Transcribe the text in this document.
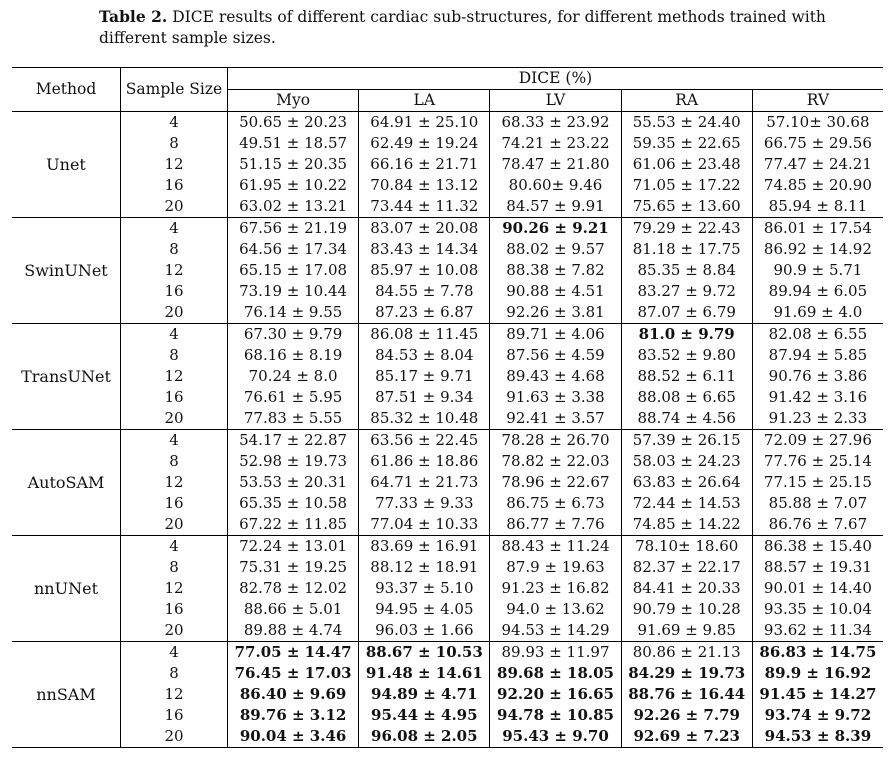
Table 2. DICE results of different cardiac sub-structures, for different methods trained with different sample sizes.
Method	Sample Size	DICE (%)				
		Myo	LA	LV	RA	RV
Unet	4	50.65 ± 20.23	64.91 ± 25.10	68.33 ± 23.92	55.53 ± 24.40	57.10± 30.68
	8	49.51 ± 18.57	62.49 ± 19.24	74.21 ± 23.22	59.35 ± 22.65	66.75 ± 29.56
	12	51.15 ± 20.35	66.16 ± 21.71	78.47 ± 21.80	61.06 ± 23.48	77.47 ± 24.21
	16	61.95 ± 10.22	70.84 ± 13.12	80.60± 9.46	71.05 ± 17.22	74.85 ± 20.90
	20	63.02 ± 13.21	73.44 ± 11.32	84.57 ± 9.91	75.65 ± 13.60	85.94 ± 8.11
SwinUNet	4	67.56 ± 21.19	83.07 ± 20.08	90.26 ± 9.21	79.29 ± 22.43	86.01 ± 17.54
	8	64.56 ± 17.34	83.43 ± 14.34	88.02 ± 9.57	81.18 ± 17.75	86.92 ± 14.92
	12	65.15 ± 17.08	85.97 ± 10.08	88.38 ± 7.82	85.35 ± 8.84	90.9 ± 5.71
	16	73.19 ± 10.44	84.55 ± 7.78	90.88 ± 4.51	83.27 ± 9.72	89.94 ± 6.05
	20	76.14 ± 9.55	87.23 ± 6.87	92.26 ± 3.81	87.07 ± 6.79	91.69 ± 4.0
TransUNet	4	67.30 ± 9.79	86.08 ± 11.45	89.71 ± 4.06	81.0 ± 9.79	82.08 ± 6.55
	8	68.16 ± 8.19	84.53 ± 8.04	87.56 ± 4.59	83.52 ± 9.80	87.94 ± 5.85
	12	70.24 ± 8.0	85.17 ± 9.71	89.43 ± 4.68	88.52 ± 6.11	90.76 ± 3.86
	16	76.61 ± 5.95	87.51 ± 9.34	91.63 ± 3.38	88.08 ± 6.65	91.42 ± 3.16
	20	77.83 ± 5.55	85.32 ± 10.48	92.41 ± 3.57	88.74 ± 4.56	91.23 ± 2.33
AutoSAM	4	54.17 ± 22.87	63.56 ± 22.45	78.28 ± 26.70	57.39 ± 26.15	72.09 ± 27.96
	8	52.98 ± 19.73	61.86 ± 18.86	78.82 ± 22.03	58.03 ± 24.23	77.76 ± 25.14
	12	53.53 ± 20.31	64.71 ± 21.73	78.96 ± 22.67	63.83 ± 26.64	77.15 ± 25.15
	16	65.35 ± 10.58	77.33 ± 9.33	86.75 ± 6.73	72.44 ± 14.53	85.88 ± 7.07
	20	67.22 ± 11.85	77.04 ± 10.33	86.77 ± 7.76	74.85 ± 14.22	86.76 ± 7.67
nnUNet	4	72.24 ± 13.01	83.69 ± 16.91	88.43 ± 11.24	78.10± 18.60	86.38 ± 15.40
	8	75.31 ± 19.25	88.12 ± 18.91	87.9 ± 19.63	82.37 ± 22.17	88.57 ± 19.31
	12	82.78 ± 12.02	93.37 ± 5.10	91.23 ± 16.82	84.41 ± 20.33	90.01 ± 14.40
	16	88.66 ± 5.01	94.95 ± 4.05	94.0 ± 13.62	90.79 ± 10.28	93.35 ± 10.04
	20	89.88 ± 4.74	96.03 ± 1.66	94.53 ± 14.29	91.69 ± 9.85	93.62 ± 11.34
nnSAM	4	77.05 ± 14.47	88.67 ± 10.53	89.93 ± 11.97	80.86 ± 21.13	86.83 ± 14.75
	8	76.45 ± 17.03	91.48 ± 14.61	89.68 ± 18.05	84.29 ± 19.73	89.9 ± 16.92
	12	86.40 ± 9.69	94.89 ± 4.71	92.20 ± 16.65	88.76 ± 16.44	91.45 ± 14.27
	16	89.76 ± 3.12	95.44 ± 4.95	94.78 ± 10.85	92.26 ± 7.79	93.74 ± 9.72
	20	90.04 ± 3.46	96.08 ± 2.05	95.43 ± 9.70	92.69 ± 7.23	94.53 ± 8.39
